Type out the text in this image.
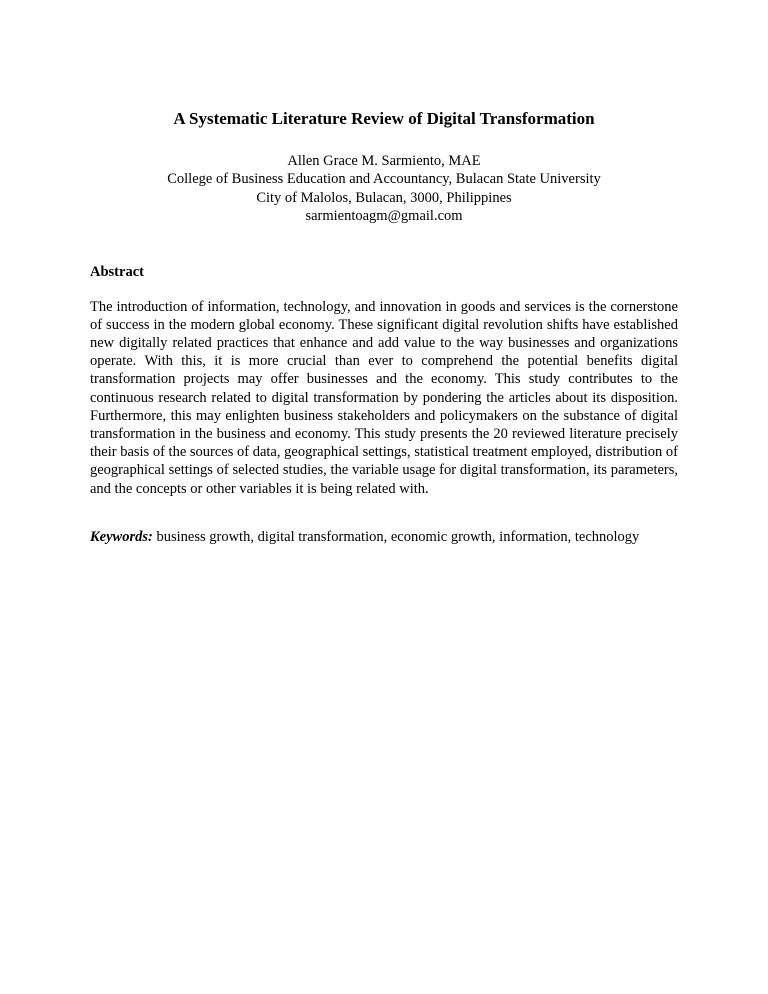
A Systematic Literature Review of Digital Transformation
Allen Grace M. Sarmiento, MAE
College of Business Education and Accountancy, Bulacan State University
City of Malolos, Bulacan, 3000, Philippines
sarmientoagm@gmail.com
Abstract

The introduction of information, technology, and innovation in goods and services is the cornerstone of success in the modern global economy. These significant digital revolution shifts have established new digitally related practices that enhance and add value to the way businesses and organizations operate. With this, it is more crucial than ever to comprehend the potential benefits digital transformation projects may offer businesses and the economy. This study contributes to the continuous research related to digital transformation by pondering the articles about its disposition. Furthermore, this may enlighten business stakeholders and policymakers on the substance of digital transformation in the business and economy. This study presents the 20 reviewed literature precisely their basis of the sources of data, geographical settings, statistical treatment employed, distribution of geographical settings of selected studies, the variable usage for digital transformation, its parameters, and the concepts or other variables it is being related with.

Keywords: business growth, digital transformation, economic growth, information, technology
